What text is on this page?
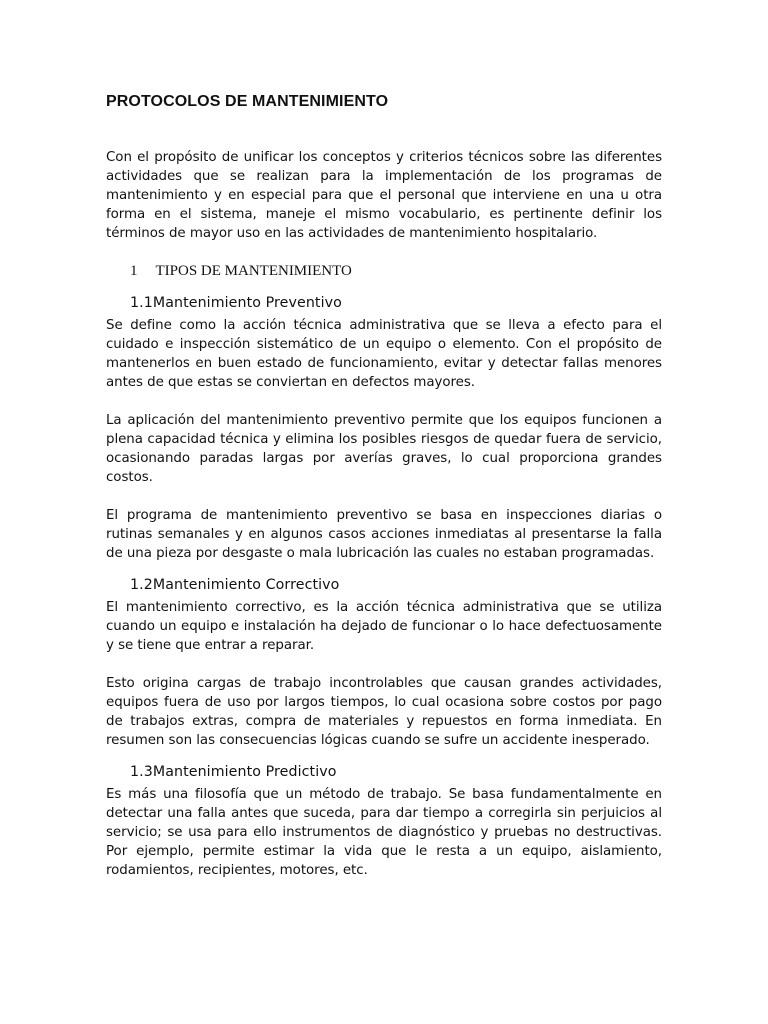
PROTOCOLOS DE MANTENIMIENTO

Con el propósito de unificar los conceptos y criterios técnicos sobre las diferentes actividades que se realizan para la implementación de los programas de mantenimiento y en especial para que el personal que interviene en una u otra forma en el sistema, maneje el mismo vocabulario, es pertinente definir los términos de mayor uso en las actividades de mantenimiento hospitalario.

1 TIPOS DE MANTENIMIENTO
1.1Mantenimiento Preventivo

Se define como la acción técnica administrativa que se lleva a efecto para el cuidado e inspección sistemático de un equipo o elemento. Con el propósito de mantenerlos en buen estado de funcionamiento, evitar y detectar fallas menores antes de que estas se conviertan en defectos mayores.

La aplicación del mantenimiento preventivo permite que los equipos funcionen a plena capacidad técnica y elimina los posibles riesgos de quedar fuera de servicio, ocasionando paradas largas por averías graves, lo cual proporciona grandes costos.

El programa de mantenimiento preventivo se basa en inspecciones diarias o rutinas semanales y en algunos casos acciones inmediatas al presentarse la falla de una pieza por desgaste o mala lubricación las cuales no estaban programadas.

1.2Mantenimiento Correctivo

El mantenimiento correctivo, es la acción técnica administrativa que se utiliza cuando un equipo e instalación ha dejado de funcionar o lo hace defectuosamente y se tiene que entrar a reparar.

Esto origina cargas de trabajo incontrolables que causan grandes actividades, equipos fuera de uso por largos tiempos, lo cual ocasiona sobre costos por pago de trabajos extras, compra de materiales y repuestos en forma inmediata. En resumen son las consecuencias lógicas cuando se sufre un accidente inesperado.

1.3Mantenimiento Predictivo

Es más una filosofía que un método de trabajo. Se basa fundamentalmente en detectar una falla antes que suceda, para dar tiempo a corregirla sin perjuicios al servicio; se usa para ello instrumentos de diagnóstico y pruebas no destructivas. Por ejemplo, permite estimar la vida que le resta a un equipo, aislamiento, rodamientos, recipientes, motores, etc.
